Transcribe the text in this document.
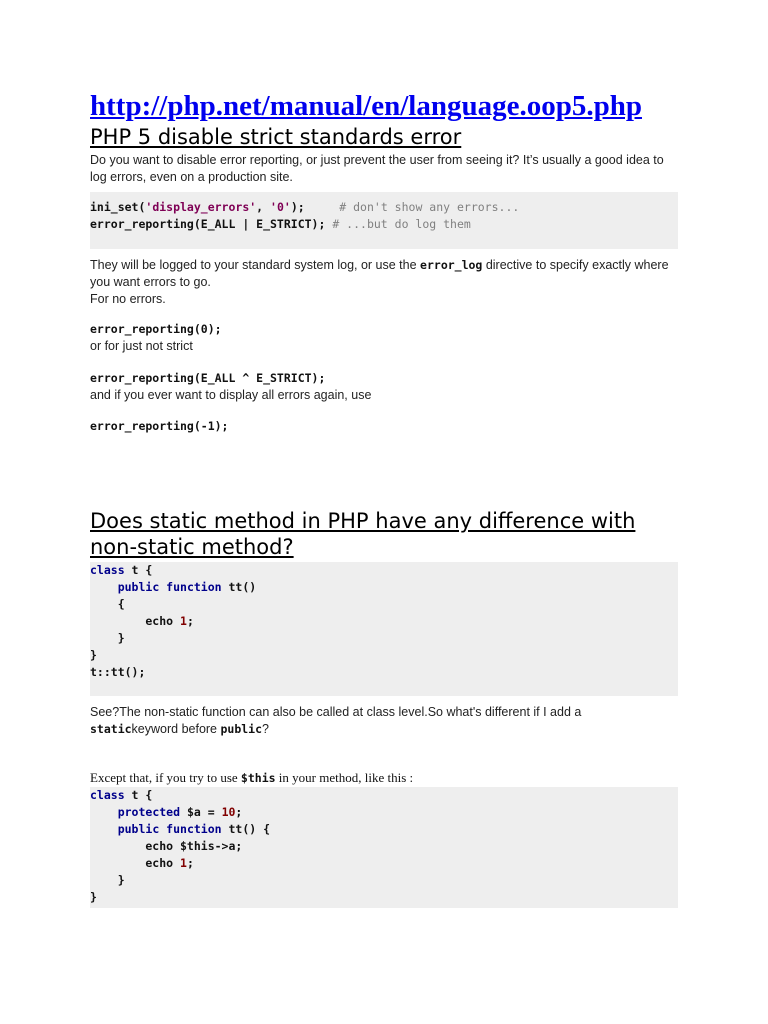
http://php.net/manual/en/language.oop5.php
PHP 5 disable strict standards error

Do you want to disable error reporting, or just prevent the user from seeing it? It’s usually a good idea to log errors, even on a production site.

ini_set('display_errors', '0');     # don't show any errors...
error_reporting(E_ALL | E_STRICT); # ...but do log them

They will be logged to your standard system log, or use the error_log directive to specify exactly where you want errors to go.

For no errors.

error_reporting(0);

or for just not strict

error_reporting(E_ALL ^ E_STRICT);

and if you ever want to display all errors again, use

error_reporting(-1);
Does static method in PHP have any difference with non-static method?
class t {
public function tt()
{
echo 1;
}
}
t::tt();

See?The non-static function can also be called at class level.So what's different if I add a statickeyword before public?

Except that, if you try to use $this in your method, like this :

class t {
protected $a = 10;
public function tt() {
echo $this->a;
echo 1;
}
}
